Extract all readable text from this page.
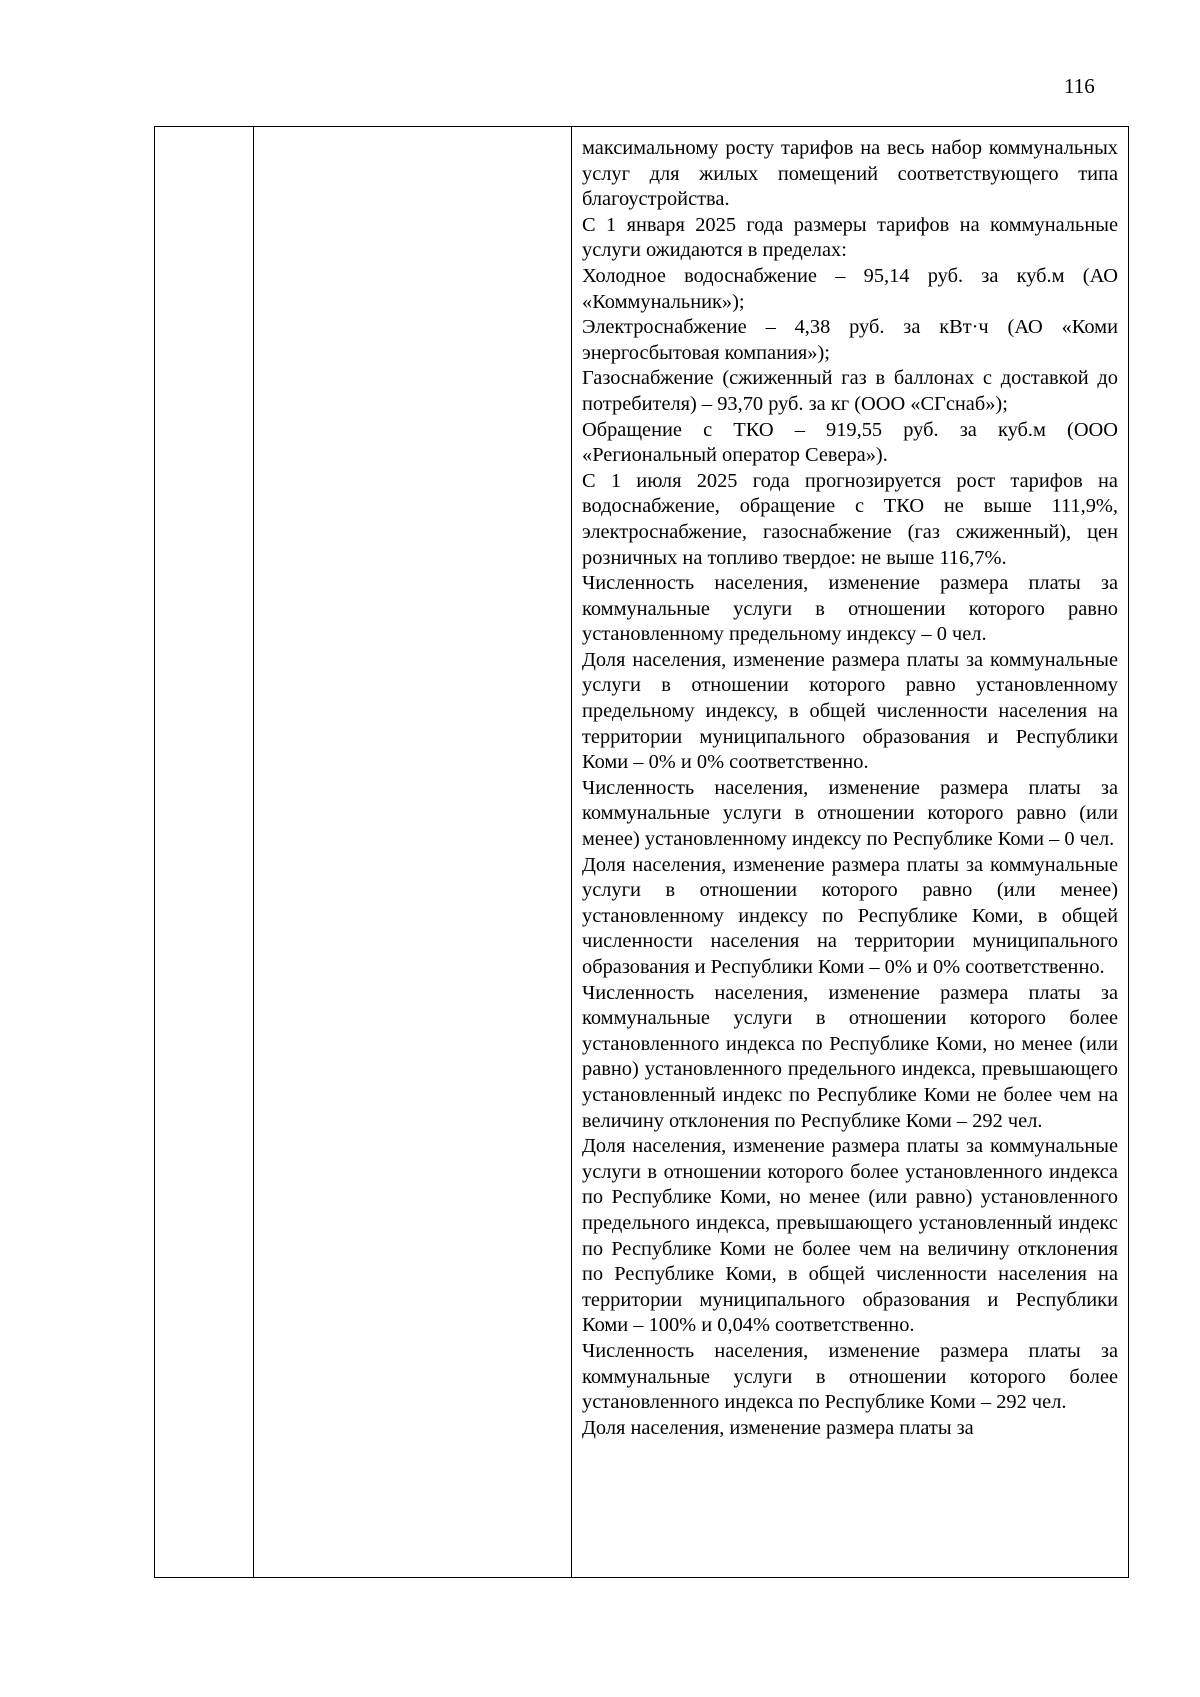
116

максимальному росту тарифов на весь набор коммунальных услуг для жилых помещений соответствующего типа благоустройства.

С 1 января 2025 года размеры тарифов на коммунальные услуги ожидаются в пределах:

Холодное водоснабжение – 95,14 руб. за куб.м (АО «Коммунальник»);

Электроснабжение – 4,38 руб. за кВт·ч (АО «Коми энергосбытовая компания»);

Газоснабжение (сжиженный газ в баллонах с доставкой до потребителя) – 93,70 руб. за кг (ООО «СГснаб»);

Обращение с ТКО – 919,55 руб. за куб.м (ООО «Региональный оператор Севера»).

С 1 июля 2025 года прогнозируется рост тарифов на водоснабжение, обращение с ТКО не выше 111,9%, электроснабжение, газоснабжение (газ сжиженный), цен розничных на топливо твердое: не выше 116,7%.

Численность населения, изменение размера платы за коммунальные услуги в отношении которого равно установленному предельному индексу – 0 чел.

Доля населения, изменение размера платы за коммунальные услуги в отношении которого равно установленному предельному индексу, в общей численности населения на территории муниципального образования и Республики Коми – 0% и 0% соответственно.

Численность населения, изменение размера платы за коммунальные услуги в отношении которого равно (или менее) установленному индексу по Республике Коми – 0 чел.

Доля населения, изменение размера платы за коммунальные услуги в отношении которого равно (или менее) установленному индексу по Республике Коми, в общей численности населения на территории муниципального образования и Республики Коми – 0% и 0% соответственно.

Численность населения, изменение размера платы за коммунальные услуги в отношении которого более установленного индекса по Республике Коми, но менее (или равно) установленного предельного индекса, превышающего установленный индекс по Республике Коми не более чем на величину отклонения по Республике Коми – 292 чел.

Доля населения, изменение размера платы за коммунальные услуги в отношении которого более установленного индекса по Республике Коми, но менее (или равно) установленного предельного индекса, превышающего установленный индекс по Республике Коми не более чем на величину отклонения по Республике Коми, в общей численности населения на территории муниципального образования и Республики Коми – 100% и 0,04% соответственно.

Численность населения, изменение размера платы за коммунальные услуги в отношении которого более установленного индекса по Республике Коми – 292 чел.

Доля населения, изменение размера платы за
